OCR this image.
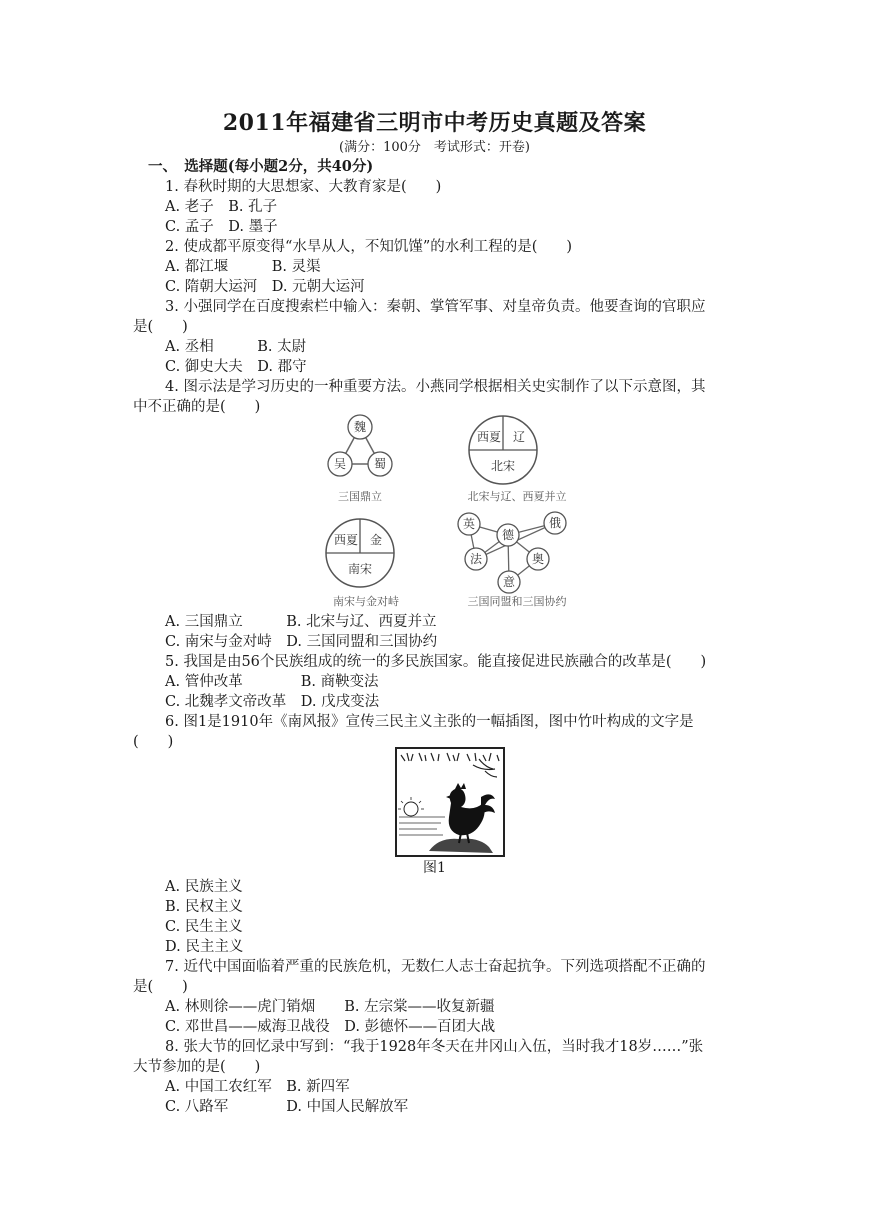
2011年福建省三明市中考历史真题及答案
(满分：100分　考试形式：开卷)
一、　选择题(每小题2分，共40分)
1. 春秋时期的大思想家、大教育家是(　　)
A. 老子　B. 孔子
C. 孟子　D. 墨子
2. 使成都平原变得“水旱从人，不知饥馑”的水利工程的是(　　)
A. 都江堰　　　B. 灵渠
C. 隋朝大运河　D. 元朝大运河
3. 小强同学在百度搜索栏中输入：秦朝、掌管军事、对皇帝负责。他要查询的官职应
是(　　)
A. 丞相　　　B. 太尉
C. 御史大夫　D. 郡守
4. 图示法是学习历史的一种重要方法。小燕同学根据相关史实制作了以下示意图，其
中不正确的是(　　)
魏
吴 蜀
三国鼎立
西夏 辽
北宋
北宋与辽、西夏并立
西夏 金
南宋
南宋与金对峙
英	俄
德
法	奥
意
三国同盟和三国协约
A. 三国鼎立　　　B. 北宋与辽、西夏并立
C. 南宋与金对峙　D. 三国同盟和三国协约
5. 我国是由56个民族组成的统一的多民族国家。能直接促进民族融合的改革是(　　)
A. 管仲改革　　　　B. 商鞅变法
C. 北魏孝文帝改革　D. 戊戌变法
6. 图1是1910年《南风报》宣传三民主义主张的一幅插图，图中竹叶构成的文字是
(　　)
图1
A. 民族主义
B. 民权主义
C. 民生主义
D. 民主主义
7. 近代中国面临着严重的民族危机，无数仁人志士奋起抗争。下列选项搭配不正确的
是(　　)
A. 林则徐——虎门销烟　　B. 左宗棠——收复新疆
C. 邓世昌——威海卫战役　D. 彭德怀——百团大战
8. 张大节的回忆录中写到：“我于1928年冬天在井冈山入伍，当时我才18岁……”张
大节参加的是(　　)
A. 中国工农红军　B. 新四军
C. 八路军　　　　D. 中国人民解放军
